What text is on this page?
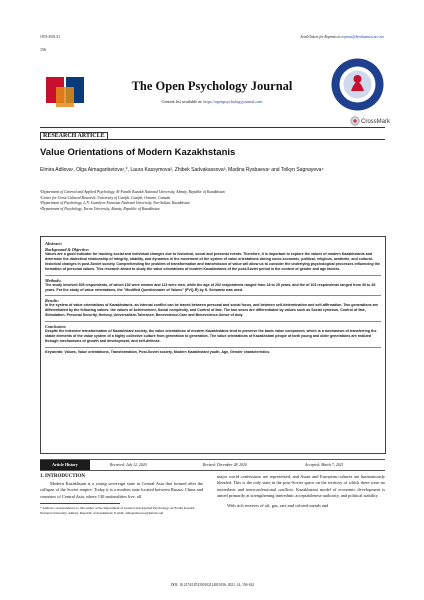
1874-3501/21
156
Send Orders for Reprints to reprints@benthamscience.net
The Open Psychology Journal
Content list available at: https://openpsychologyjournal.com
CrossMark
RESEARCH ARTICLE
Value Orientations of Modern Kazakhstanis
Elmira Adilova¹, Olga Aimaganbetova¹,*, Laura Kassymova², Zhibek Sadvakassova³, Madina Rysbaeva¹ and Tolkyn Sagnayeva⁴
¹Department of General and Applied Psychology, Al-Farabi Kazakh National University, Almaty, Republic of Kazakhstan
²Centre for Cross-Cultural Research, University of Guelph, Guelph, Ontario, Canada
³Department of Psychology, L.N. Gumilyov Eurasian National University, Nur-Sultan, Kazakhstan
⁴Department of Psychology, Turan University, Almaty, Republic of Kazakhstan
Abstract:
Background & Objective:
Values are a good indicator for tracking social and individual changes due to historical, social and personal events. Therefore, it is important to explore the values of modern Kazakhstanis and determine the dialectical relationship of integrity, stability, and dynamics in the movement of the system of value orientations during socio-economic, political, religious, aesthetic, and cultural-historical changes in post-Soviet society. Comprehending the problem of transformation and transmission of value will allow us to consider the underlying psychological processes influencing the formation of personal values. This research aimed to study the value orientations of modern Kazakhstanis of the post-Soviet period in the context of gender and age factors.
Methods:
The study involved 305 respondents, of which 192 were women and 113 were men, while the age of 202 respondents ranged from 18 to 25 years, and the of 103 respondents ranged from 30 to 45 years. For the study of value orientations, the "Modified Questionnaire of Values" (PVQ-R) by S. Schwartz was used.
Results:
In the system of value orientations of Kazakhstanis, an internal conflict can be traced between personal and social focus, and between self-determination and self-affirmation. Two generations are differentiated by the following values: the values of Achievement, Social complexity, and Control of fate. The two sexes are differentiated by values such as Social cynicism, Control of fate, Stimulation, Personal Security, Hedony, Universalism-Tolerance, Benevolence-Care and Benevolence-Sense of duty.
Conclusion:
Despite the intensive transformation of Kazakhstani society, the value orientations of modern Kazakhstanis tend to preserve the basic value component, which is a mechanism of transferring the stable elements of the value system of a highly collective culture from generation to generation. The value orientations of Kazakhstani people of both young and older generations are realized through mechanisms of growth and development, and self-defense.
Keywords: Values, Value orientations, Transformation, Post-Soviet society, Modern Kazakhstani youth, Age, Gender characteristics.
Article History	Received: July 12, 2020	Revised: December 28, 2020	Accepted: March 7, 2021
1. INTRODUCTION
Modern Kazakhstan is a young sovereign state in Central Asia that formed after the collapse of the Soviet empire. Today it is a modern state located between Russia, China and countries of Central Asia, where 130 nationalities live, all
* Address correspondence to this author at the Department of General and Applied Psychology, Al-Farabi Kazakh National University, Almaty, Republic of Kazakhstan; E-mail: aimaganbetova@gmail.com
major world confessions are represented, and Asian and European cultures are harmoniously blended. This is the only state in the post-Soviet space on the territory of which there were no interethnic and interconfessional conflicts. Kazakhstani model of economic development is aimed primarily at strengthening interethnic acceptableness-authority, and political stability.
With rich reserves of oil, gas, rare and colored metals and
DOI: 10.2174/1874350102114010156, 2021, 14, 156-162
